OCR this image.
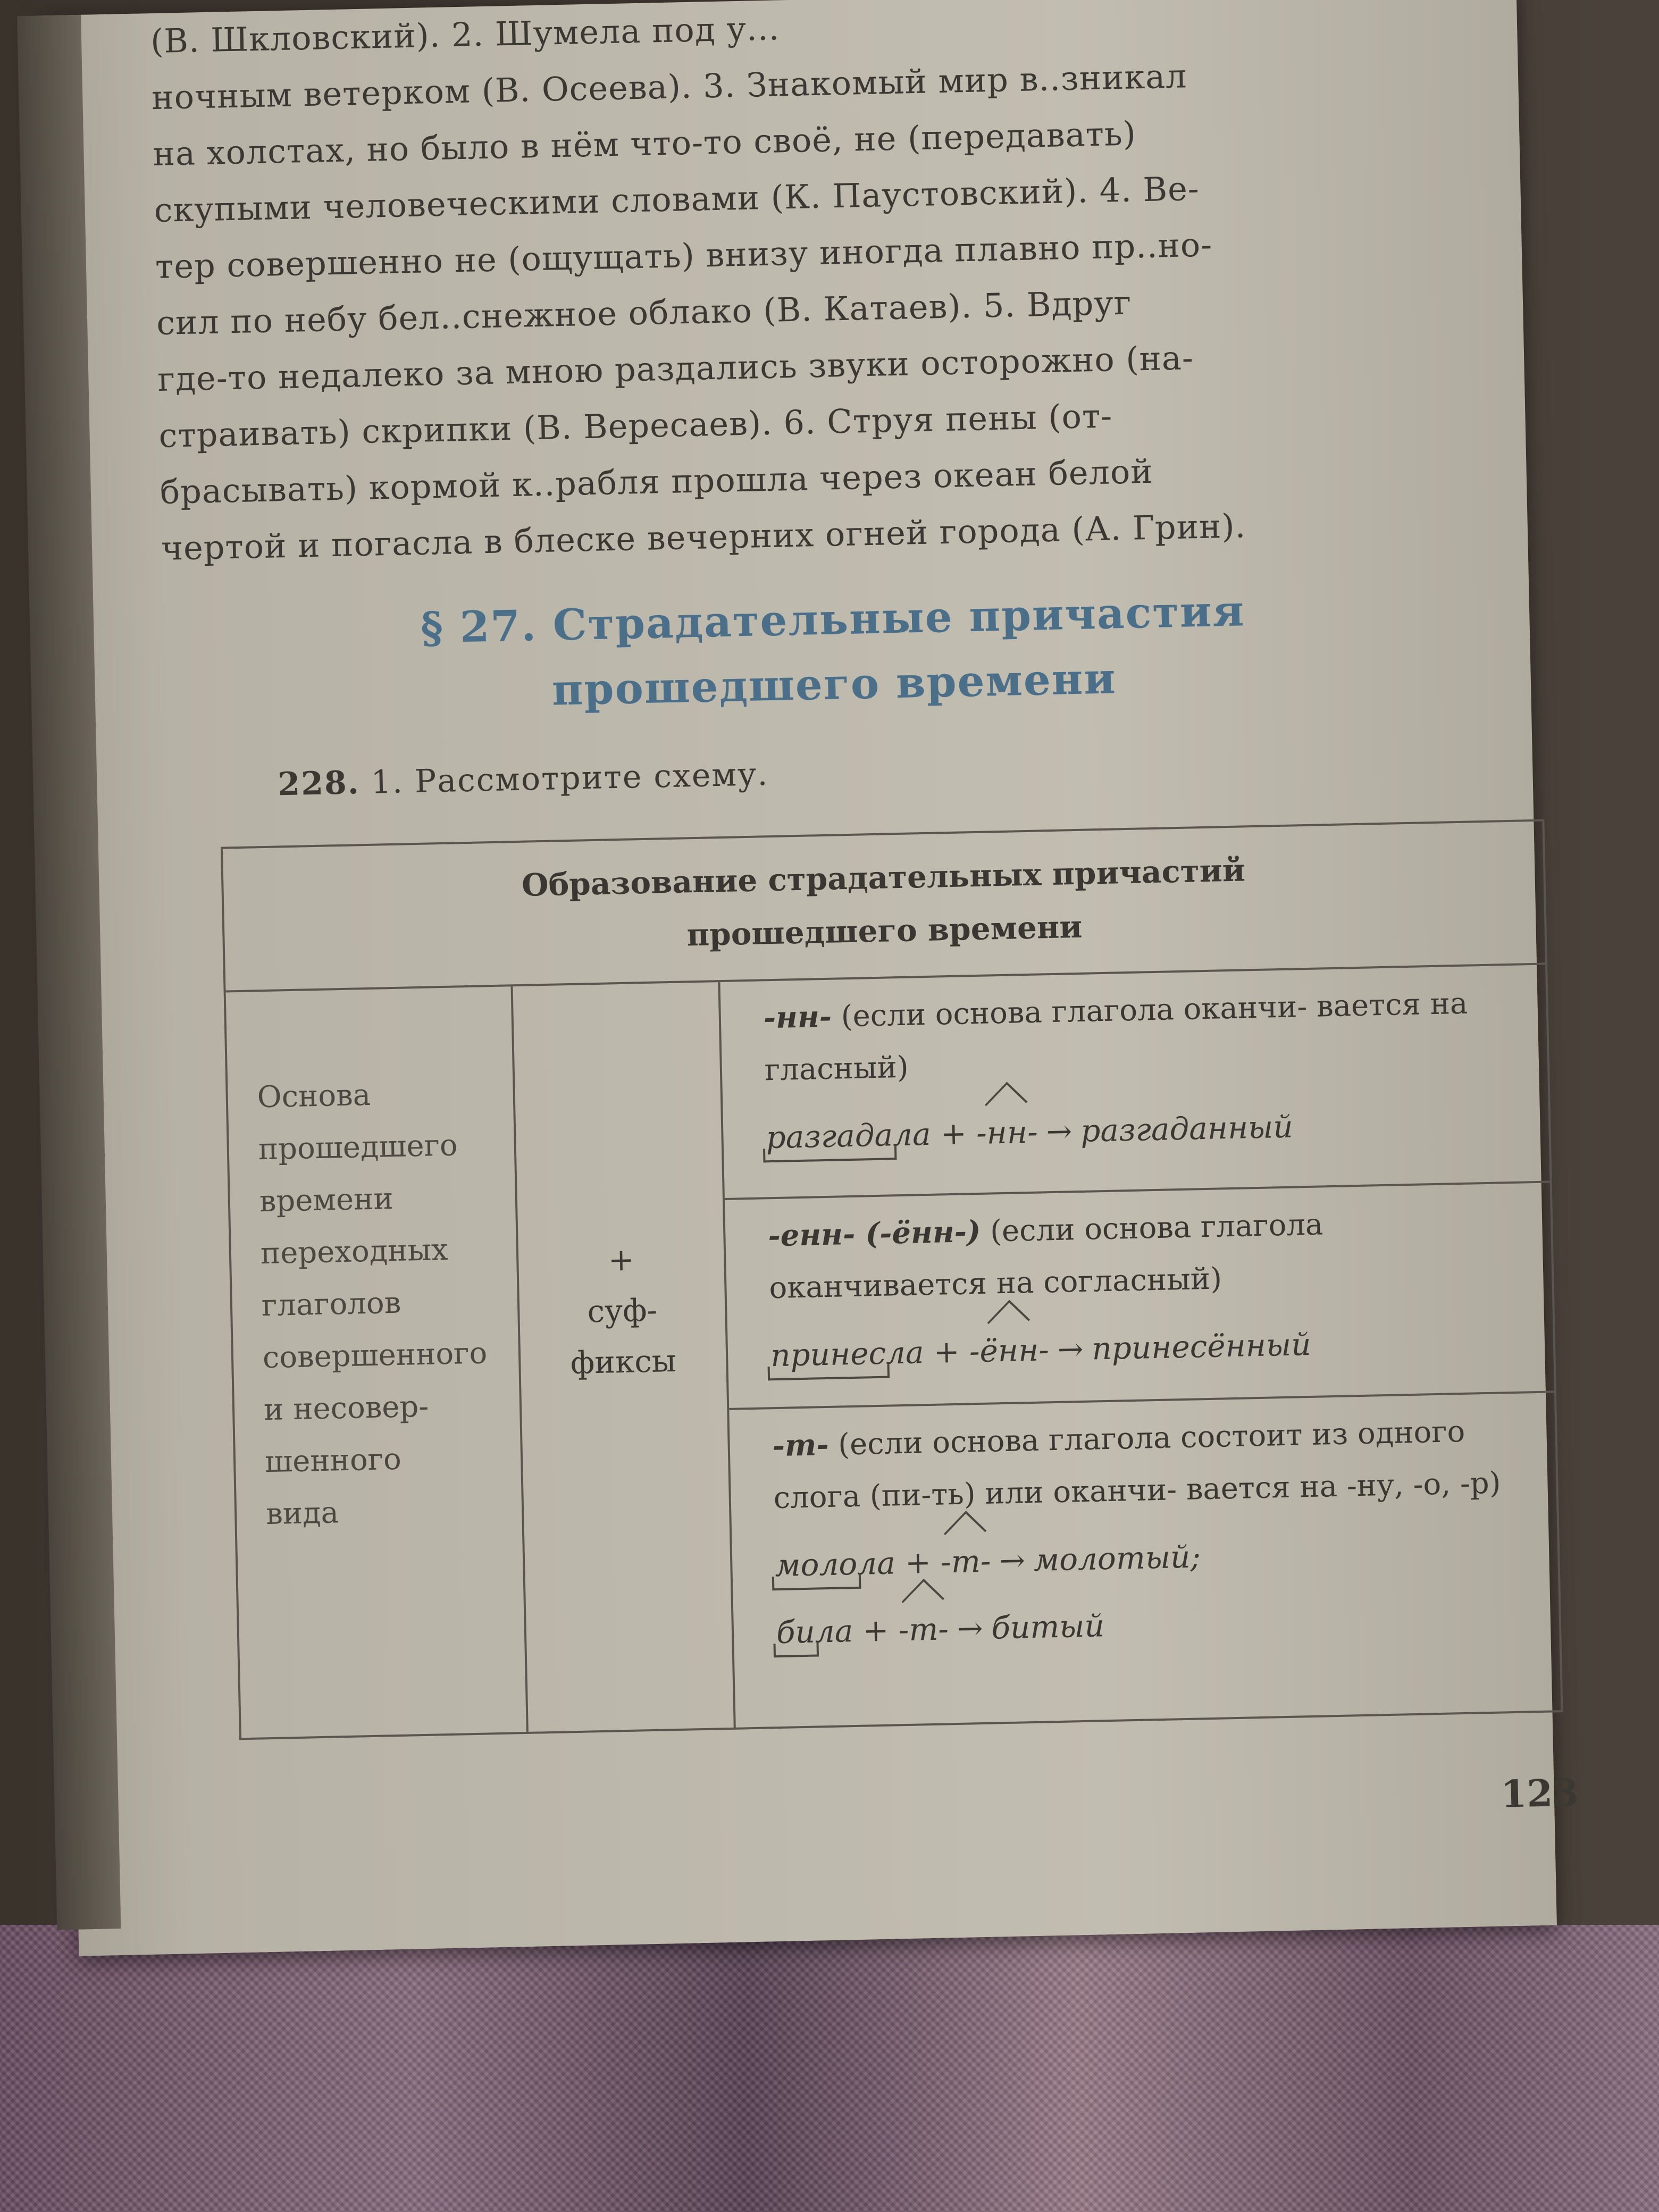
(В. Шкловский). 2. Шумела под у...
ночным ветерком (В. Осеева). 3. Знакомый мир в..зникал
на холстах, но было в нём что-то своё, не (передавать)
скупыми человеческими словами (К. Паустовский). 4. Ве-
тер совершенно не (ощущать) внизу иногда плавно пр..но-
сил по небу бел..снежное облако (В. Катаев). 5. Вдруг
где-то недалеко за мною раздались звуки осторожно (на-
страивать) скрипки (В. Вересаев). 6. Струя пены (от-
брасывать) кормой к..рабля прошла через океан белой
чертой и погасла в блеске вечерних огней города (А. Грин).
§ 27. Страдательные причастия
прошедшего времени
228. 1. Рассмотрите схему.
Образование страдательных причастий
прошедшего времени
Основа
прошедшего
времени
переходных
глаголов
совершенного
и несовер-
шенного
вида
+
суф-
фиксы
-нн- (если основа глагола оканчи- вается на гласный)
разгадала + -нн- → разгаданный
-енн- (-ённ-) (если основа глагола оканчивается на согласный)
принесла + -ённ- → принесённый
-т- (если основа глагола состоит из одного слога (пи-ть) или оканчи- вается на -ну, -о, -р)
молола + -т- → молотый;
била + -т- → битый
123
